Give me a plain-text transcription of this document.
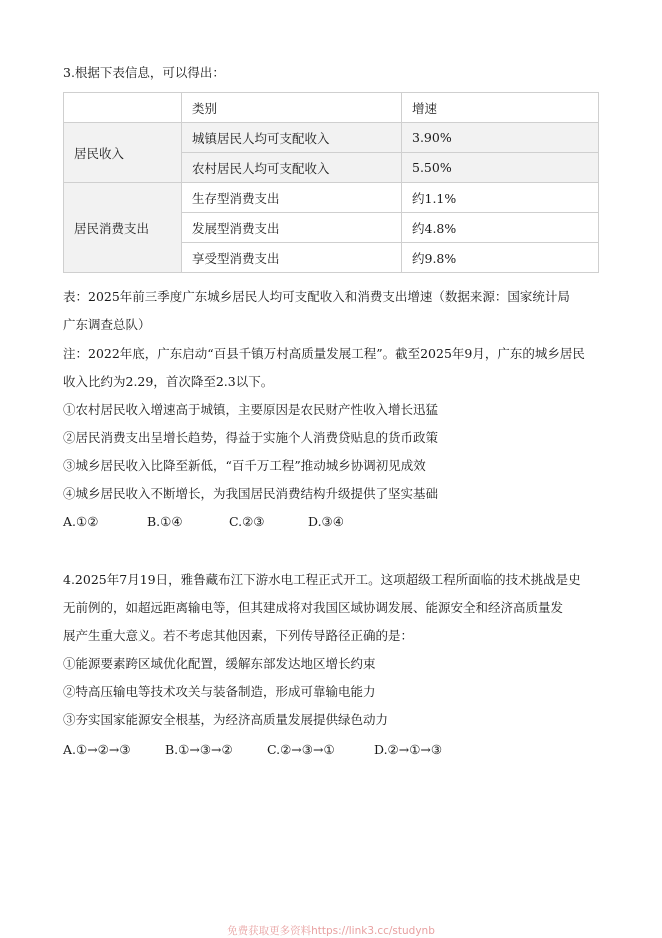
3.根据下表信息，可以得出：
	类别	增速
居民收入	城镇居民人均可支配收入	3.90%
	农村居民人均可支配收入	5.50%
居民消费支出	生存型消费支出	约1.1%
	发展型消费支出	约4.8%
	享受型消费支出	约9.8%
表：2025年前三季度广东城乡居民人均可支配收入和消费支出增速（数据来源：国家统计局
广东调查总队）
注：2022年底，广东启动“百县千镇万村高质量发展工程”。截至2025年9月，广东的城乡居民
收入比约为2.29，首次降至2.3以下。
①农村居民收入增速高于城镇，主要原因是农民财产性收入增长迅猛
②居民消费支出呈增长趋势，得益于实施个人消费贷贴息的货币政策
③城乡居民收入比降至新低，“百千万工程”推动城乡协调初见成效
④城乡居民收入不断增长，为我国居民消费结构升级提供了坚实基础
A.①②	B.①④	C.②③	D.③④
4.2025年7月19日，雅鲁藏布江下游水电工程正式开工。这项超级工程所面临的技术挑战是史
无前例的，如超远距离输电等，但其建成将对我国区域协调发展、能源安全和经济高质量发
展产生重大意义。若不考虑其他因素，下列传导路径正确的是：
①能源要素跨区域优化配置，缓解东部发达地区增长约束
②特高压输电等技术攻关与装备制造，形成可靠输电能力
③夯实国家能源安全根基，为经济高质量发展提供绿色动力
A.①→②→③	B.①→③→②	C.②→③→①	D.②→①→③
免费获取更多资料https://link3.cc/studynb
